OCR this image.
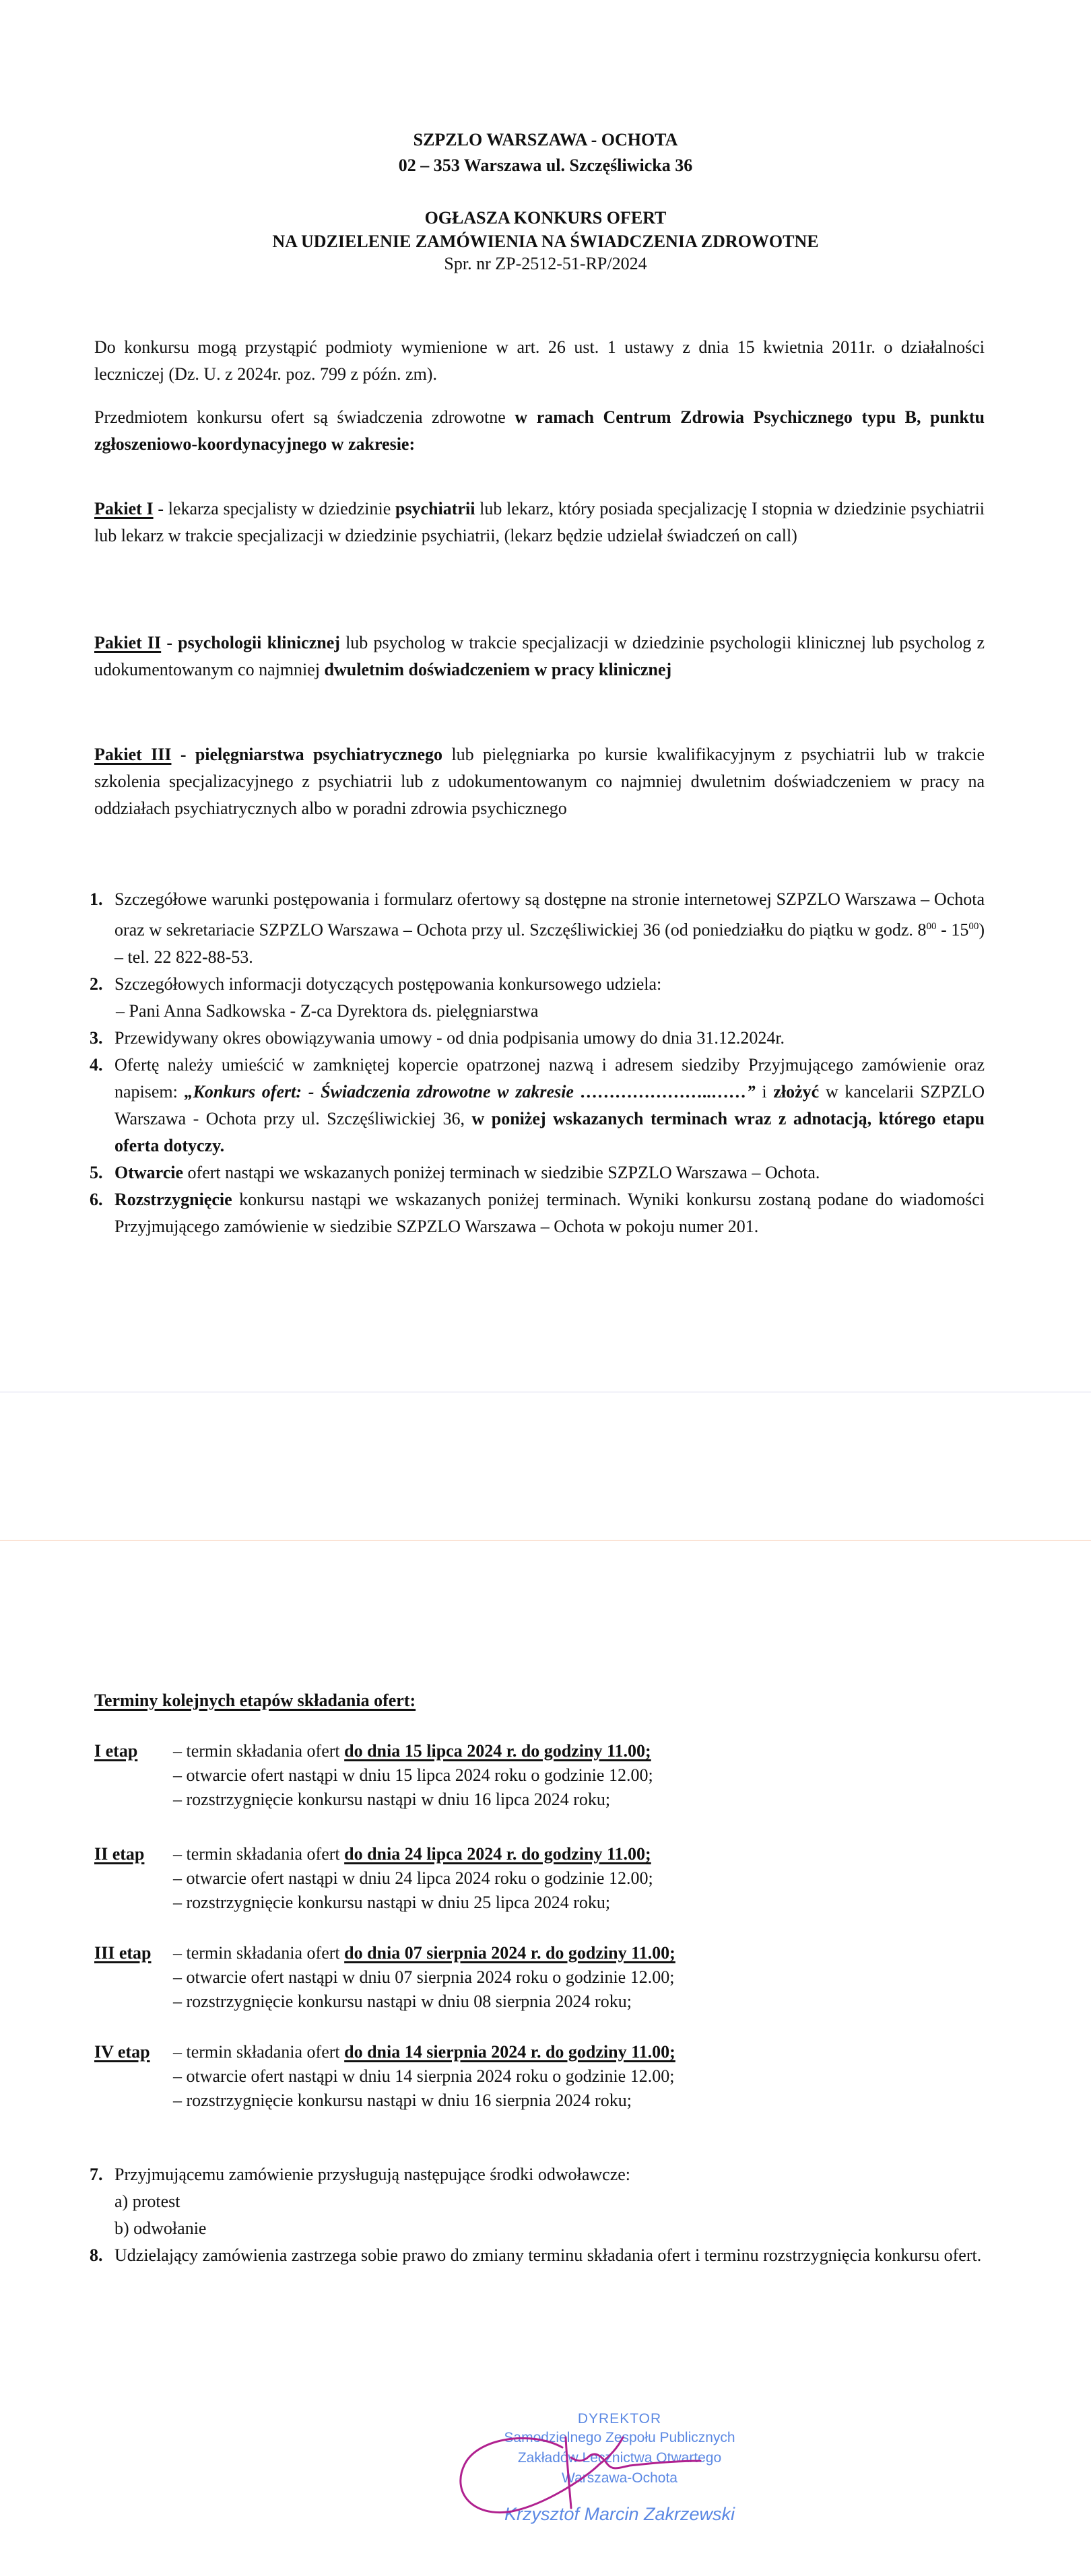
SZPZLO WARSZAWA - OCHOTA
02 – 353 Warszawa ul. Szczęśliwicka 36
OGŁASZA KONKURS OFERT
NA UDZIELENIE ZAMÓWIENIA NA ŚWIADCZENIA ZDROWOTNE
Spr. nr ZP-2512-51-RP/2024
Do konkursu mogą przystąpić podmioty wymienione w art. 26 ust. 1 ustawy z dnia 15 kwietnia 2011r. o działalności leczniczej (Dz. U. z 2024r. poz. 799 z późn. zm).
Przedmiotem konkursu ofert są świadczenia zdrowotne w ramach Centrum Zdrowia Psychicznego typu B, punktu zgłoszeniowo-koordynacyjnego w zakresie:
Pakiet I - lekarza specjalisty w dziedzinie psychiatrii lub lekarz, który posiada specjalizację I stopnia w dziedzinie psychiatrii lub lekarz w trakcie specjalizacji w dziedzinie psychiatrii, (lekarz będzie udzielał świadczeń on call)
Pakiet II - psychologii klinicznej lub psycholog w trakcie specjalizacji w dziedzinie psychologii klinicznej lub psycholog z udokumentowanym co najmniej dwuletnim doświadczeniem w pracy klinicznej
Pakiet III - pielęgniarstwa psychiatrycznego lub pielęgniarka po kursie kwalifikacyjnym z psychiatrii lub w trakcie szkolenia specjalizacyjnego z psychiatrii lub z udokumentowanym co najmniej dwuletnim doświadczeniem w pracy na oddziałach psychiatrycznych albo w poradni zdrowia psychicznego
1. Szczegółowe warunki postępowania i formularz ofertowy są dostępne na stronie internetowej SZPZLO Warszawa – Ochota oraz w sekretariacie SZPZLO Warszawa – Ochota przy ul. Szczęśliwickiej 36 (od poniedziałku do piątku w godz. $8^{00} - 15^{00}$) – tel. 22 822-88-53.
2. Szczegółowych informacji dotyczących postępowania konkursowego udziela:
– Pani Anna Sadkowska - Z-ca Dyrektora ds. pielęgniarstwa
3. Przewidywany okres obowiązywania umowy - od dnia podpisania umowy do dnia 31.12.2024r.
4. Ofertę należy umieścić w zamkniętej kopercie opatrzonej nazwą i adresem siedziby Przyjmującego zamówienie oraz napisem: „Konkurs ofert: - Świadczenia zdrowotne w zakresie …………………..……” i złożyć w kancelarii SZPZLO Warszawa - Ochota przy ul. Szczęśliwickiej 36, w poniżej wskazanych terminach wraz z adnotacją, którego etapu oferta dotyczy.
5. Otwarcie ofert nastąpi we wskazanych poniżej terminach w siedzibie SZPZLO Warszawa – Ochota.
6. Rozstrzygnięcie konkursu nastąpi we wskazanych poniżej terminach. Wyniki konkursu zostaną podane do wiadomości Przyjmującego zamówienie w siedzibie SZPZLO Warszawa – Ochota w pokoju numer 201.
Terminy kolejnych etapów składania ofert:
I etap – termin składania ofert do dnia 15 lipca 2024 r. do godziny 11.00;
– otwarcie ofert nastąpi w dniu 15 lipca 2024 roku o godzinie 12.00;
– rozstrzygnięcie konkursu nastąpi w dniu 16 lipca 2024 roku;
II etap – termin składania ofert do dnia 24 lipca 2024 r. do godziny 11.00;
– otwarcie ofert nastąpi w dniu 24 lipca 2024 roku o godzinie 12.00;
– rozstrzygnięcie konkursu nastąpi w dniu 25 lipca 2024 roku;
III etap – termin składania ofert do dnia 07 sierpnia 2024 r. do godziny 11.00;
– otwarcie ofert nastąpi w dniu 07 sierpnia 2024 roku o godzinie 12.00;
– rozstrzygnięcie konkursu nastąpi w dniu 08 sierpnia 2024 roku;
IV etap – termin składania ofert do dnia 14 sierpnia 2024 r. do godziny 11.00;
– otwarcie ofert nastąpi w dniu 14 sierpnia 2024 roku o godzinie 12.00;
– rozstrzygnięcie konkursu nastąpi w dniu 16 sierpnia 2024 roku;
7. Przyjmującemu zamówienie przysługują następujące środki odwoławcze:
a) protest
b) odwołanie
8. Udzielający zamówienia zastrzega sobie prawo do zmiany terminu składania ofert i terminu rozstrzygnięcia konkursu ofert.
DYREKTOR
Samodzielnego Zespołu Publicznych
Zakładów Lecznictwa Otwartego
Warszawa-Ochota
Krzysztof Marcin Zakrzewski
